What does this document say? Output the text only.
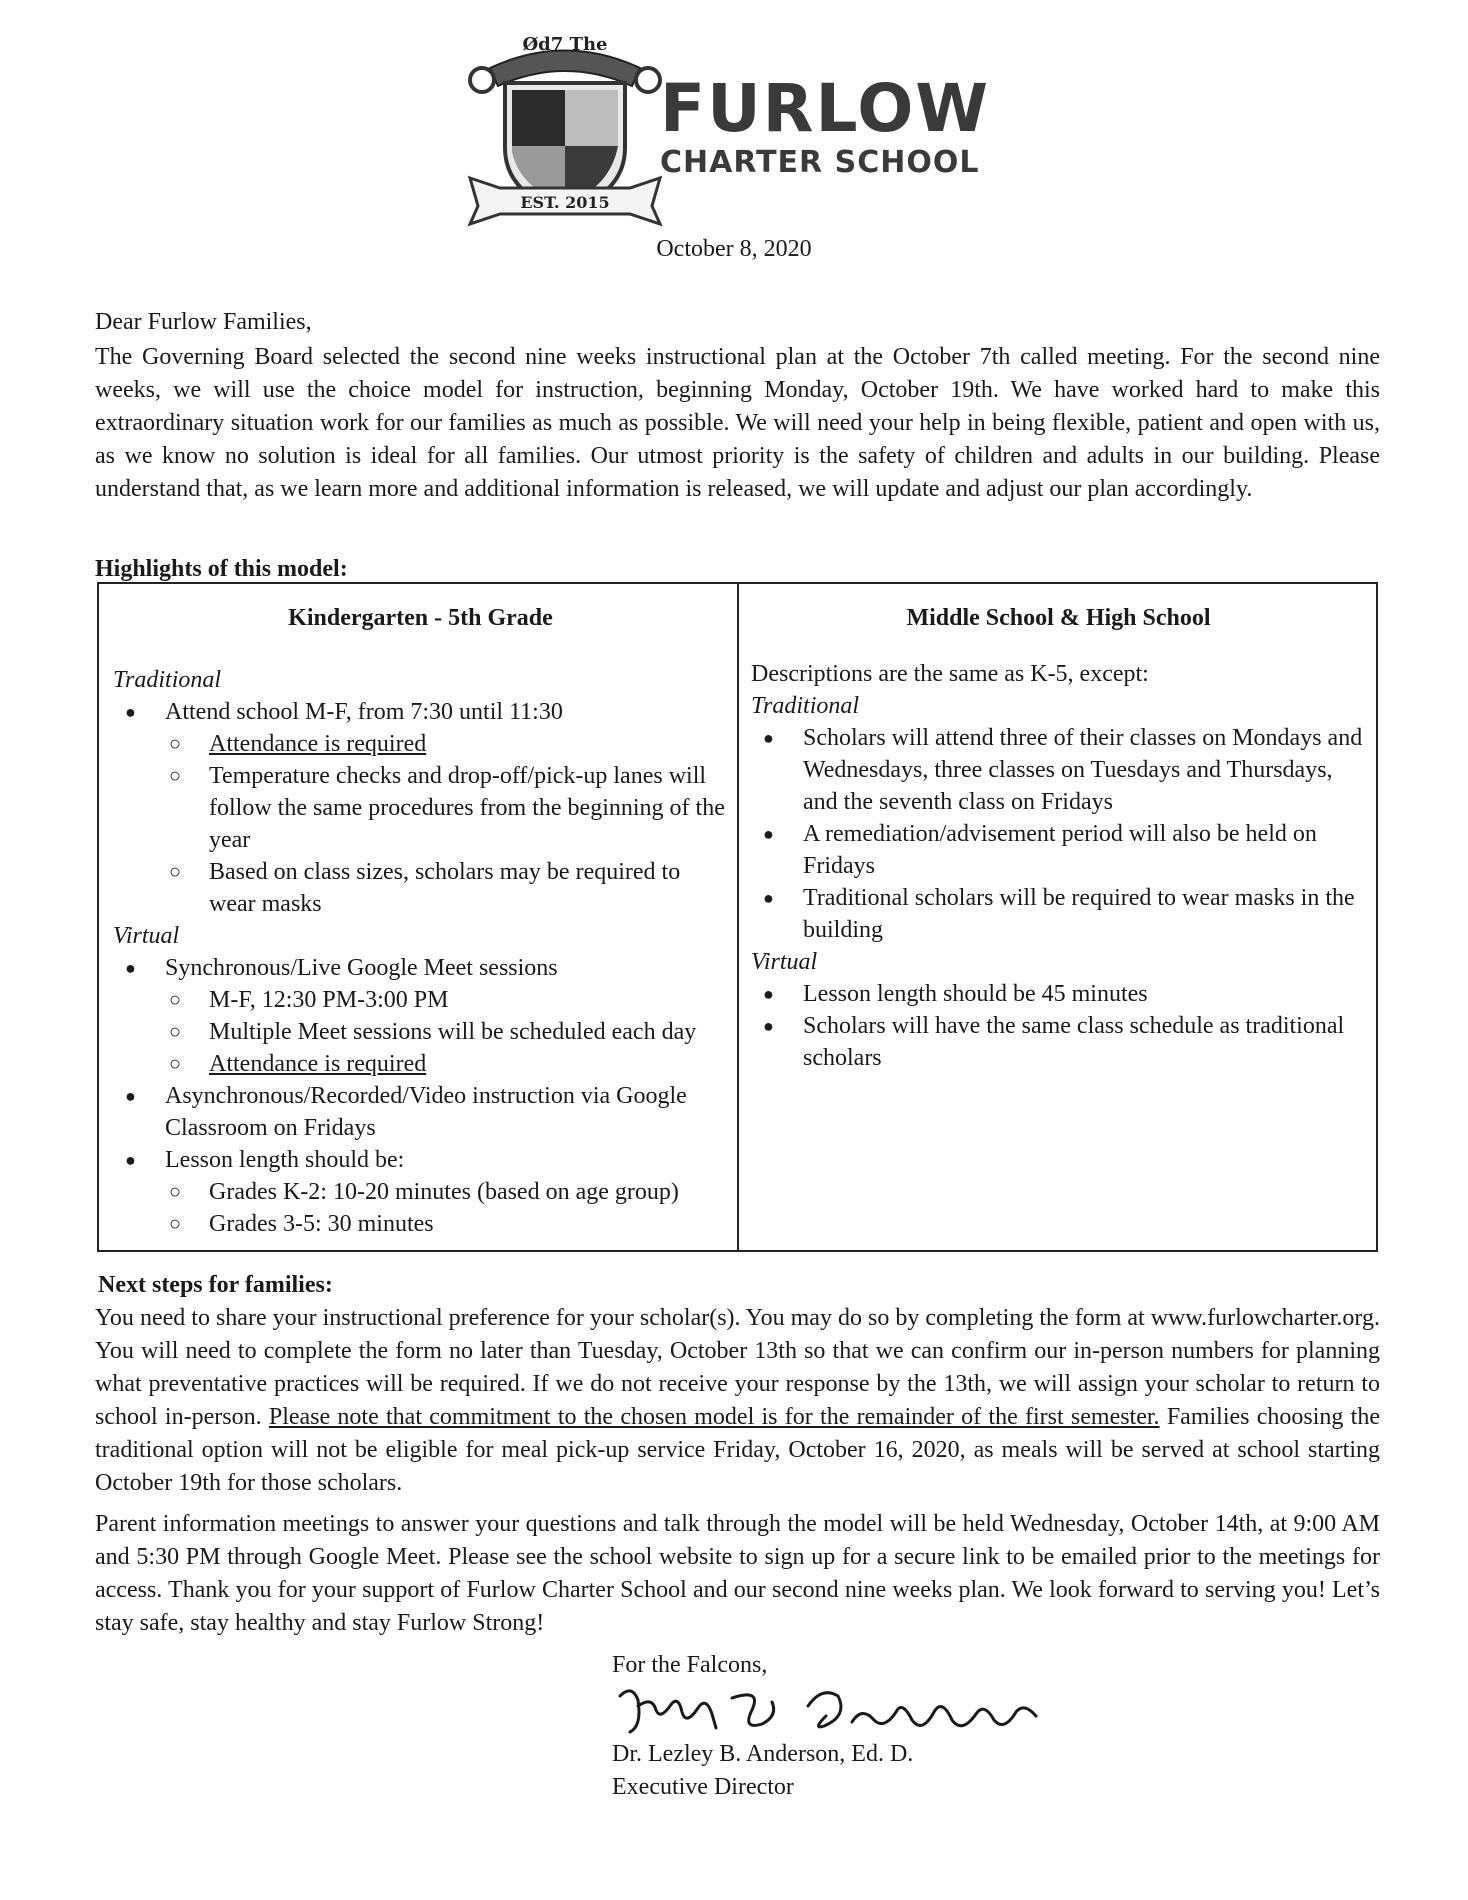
Ød7 The
EST. 2015
FURLOW
CHARTER SCHOOL
October 8, 2020
Dear Furlow Families,
The Governing Board selected the second nine weeks instructional plan at the October 7th called meeting. For the second nine weeks, we will use the choice model for instruction, beginning Monday, October 19th. We have worked hard to make this extraordinary situation work for our families as much as possible. We will need your help in being flexible, patient and open with us, as we know no solution is ideal for all families. Our utmost priority is the safety of children and adults in our building. Please understand that, as we learn more and additional information is released, we will update and adjust our plan accordingly.
Highlights of this model:
Kindergarten - 5th Grade
Traditional
● Attend school M-F, from 7:30 until 11:30
○ Attendance is required
○ Temperature checks and drop-off/pick-up lanes will follow the same procedures from the beginning of the year
○ Based on class sizes, scholars may be required to wear masks
Virtual
● Synchronous/Live Google Meet sessions
○ M-F, 12:30 PM-3:00 PM
○ Multiple Meet sessions will be scheduled each day
○ Attendance is required
● Asynchronous/Recorded/Video instruction via Google Classroom on Fridays
● Lesson length should be:
○ Grades K-2: 10-20 minutes (based on age group)
○ Grades 3-5: 30 minutes
Middle School & High School
Descriptions are the same as K-5, except:
Traditional
● Scholars will attend three of their classes on Mondays and Wednesdays, three classes on Tuesdays and Thursdays, and the seventh class on Fridays
● A remediation/advisement period will also be held on Fridays
● Traditional scholars will be required to wear masks in the building
Virtual
● Lesson length should be 45 minutes
● Scholars will have the same class schedule as traditional scholars
Next steps for families:
You need to share your instructional preference for your scholar(s). You may do so by completing the form at www.furlowcharter.org. You will need to complete the form no later than Tuesday, October 13th so that we can confirm our in-person numbers for planning what preventative practices will be required. If we do not receive your response by the 13th, we will assign your scholar to return to school in-person. Please note that commitment to the chosen model is for the remainder of the first semester. Families choosing the traditional option will not be eligible for meal pick-up service Friday, October 16, 2020, as meals will be served at school starting October 19th for those scholars.
Parent information meetings to answer your questions and talk through the model will be held Wednesday, October 14th, at 9:00 AM and 5:30 PM through Google Meet. Please see the school website to sign up for a secure link to be emailed prior to the meetings for access. Thank you for your support of Furlow Charter School and our second nine weeks plan. We look forward to serving you! Let’s stay safe, stay healthy and stay Furlow Strong!
For the Falcons,
Dr. Lezley B. Anderson, Ed. D.
Executive Director
